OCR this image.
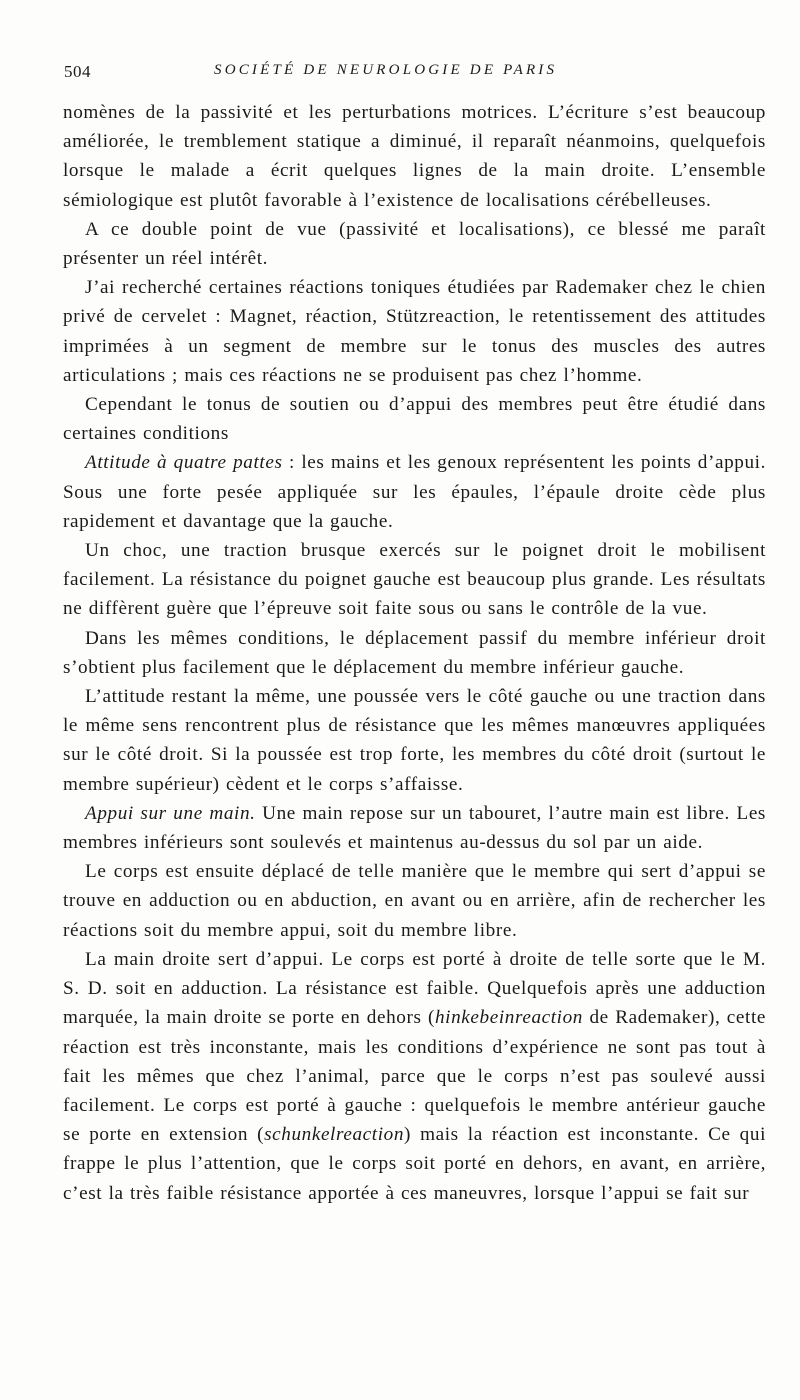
504	SOCIÉTÉ DE NEUROLOGIE DE PARIS

nomènes de la passivité et les perturbations motrices. L’écriture s’est beaucoup améliorée, le tremblement statique a diminué, il reparaît néanmoins, quelquefois lorsque le malade a écrit quelques lignes de la main droite. L’ensemble sémiologique est plutôt favorable à l’existence de localisations cérébelleuses.

A ce double point de vue (passivité et localisations), ce blessé me paraît présenter un réel intérêt.

J’ai recherché certaines réactions toniques étudiées par Rademaker chez le chien privé de cervelet : Magnet, réaction, Stützreaction, le retentissement des attitudes imprimées à un segment de membre sur le tonus des muscles des autres articulations ; mais ces réactions ne se produisent pas chez l’homme.

Cependant le tonus de soutien ou d’appui des membres peut être étudié dans certaines conditions

Attitude à quatre pattes : les mains et les genoux représentent les points d’appui. Sous une forte pesée appliquée sur les épaules, l’épaule droite cède plus rapidement et davantage que la gauche.

Un choc, une traction brusque exercés sur le poignet droit le mobilisent facilement. La résistance du poignet gauche est beaucoup plus grande. Les résultats ne diffèrent guère que l’épreuve soit faite sous ou sans le contrôle de la vue.

Dans les mêmes conditions, le déplacement passif du membre inférieur droit s’obtient plus facilement que le déplacement du membre inférieur gauche.

L’attitude restant la même, une poussée vers le côté gauche ou une traction dans le même sens rencontrent plus de résistance que les mêmes manœuvres appliquées sur le côté droit. Si la poussée est trop forte, les membres du côté droit (surtout le membre supérieur) cèdent et le corps s’affaisse.

Appui sur une main. Une main repose sur un tabouret, l’autre main est libre. Les membres inférieurs sont soulevés et maintenus au-dessus du sol par un aide.

Le corps est ensuite déplacé de telle manière que le membre qui sert d’appui se trouve en adduction ou en abduction, en avant ou en arrière, afin de rechercher les réactions soit du membre appui, soit du membre libre.

La main droite sert d’appui. Le corps est porté à droite de telle sorte que le M. S. D. soit en adduction. La résistance est faible. Quelquefois après une adduction marquée, la main droite se porte en dehors (hinkebeinreaction de Rademaker), cette réaction est très inconstante, mais les conditions d’expérience ne sont pas tout à fait les mêmes que chez l’animal, parce que le corps n’est pas soulevé aussi facilement. Le corps est porté à gauche : quelquefois le membre antérieur gauche se porte en extension (schunkelreaction) mais la réaction est inconstante. Ce qui frappe le plus l’attention, que le corps soit porté en dehors, en avant, en arrière, c’est la très faible résistance apportée à ces maneuvres, lorsque l’appui se fait sur
